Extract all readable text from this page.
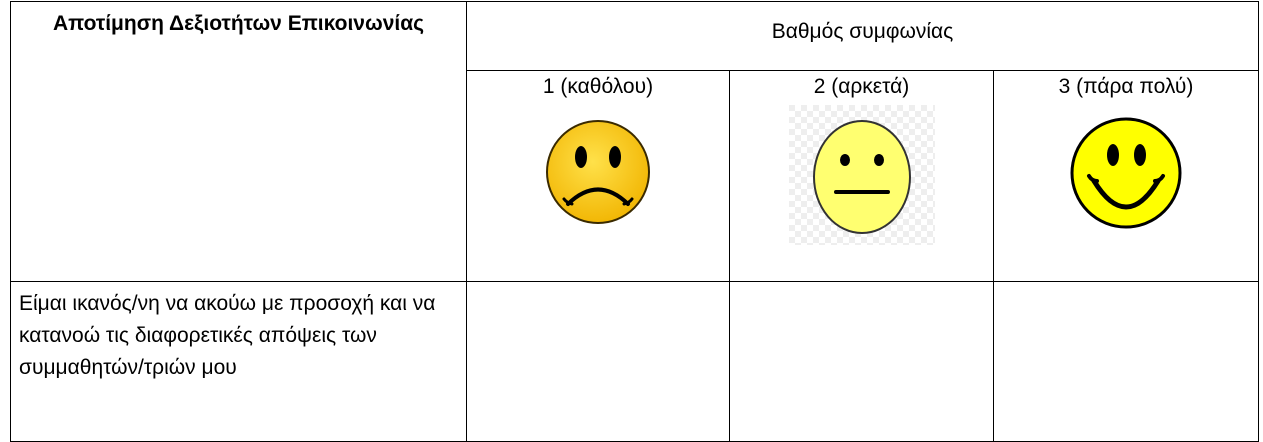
Αποτίμηση Δεξιοτήτων Επικοινωνίας	Βαθμός συμφωνίας		

	1 (καθόλου)	2 (αρκετά)	3 (πάρα πολύ)

Είμαι ικανός/νη να ακούω με προσοχή και να κατανοώ τις διαφορετικές απόψεις των συμμαθητών/τριών μου			
